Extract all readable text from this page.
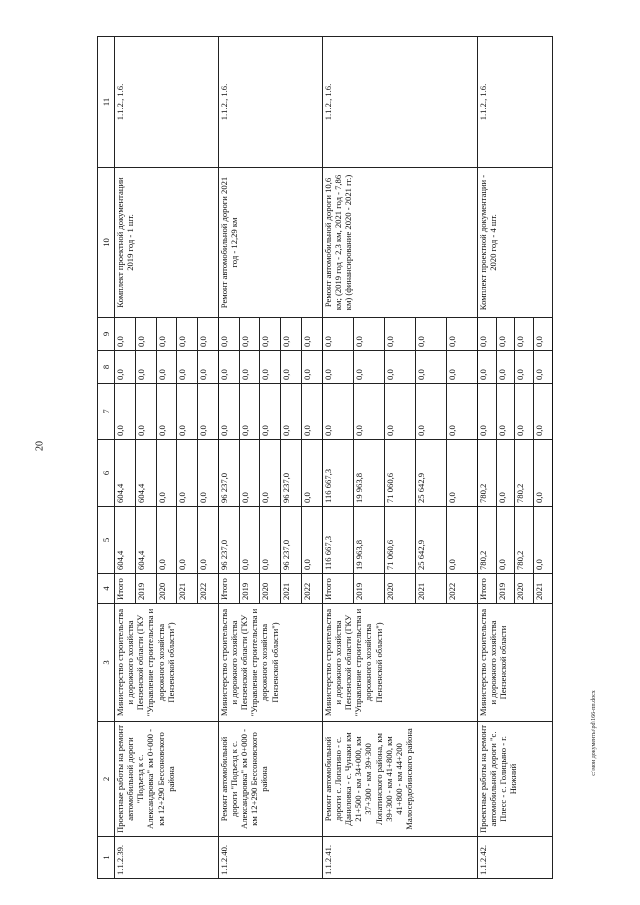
20
c:\мои документы\pd\166-пп.docx
1	2	3	4	5	6	7	8	9	10	11
1.1.2.39.	Проектные работы на ремонт автомобильной дороги "Подъезд к с. Александровка" км 0+000 - км 12+290 Бессоновского района	Министерство строительства и дорожного хозяйства Пензенской области (ГКУ "Управление строительства и дорожного хозяйства Пензенской области")	Итого	604,4	604,4	0,0	0,0	0,0	Комплект проектной документации 2019 год - 1 шт.	1.1.2., 1.6.
			2019	604,4	604,4	0,0	0,0	0,0		
			2020	0,0	0,0	0,0	0,0	0,0		
			2021	0,0	0,0	0,0	0,0	0,0		
			2022	0,0	0,0	0,0	0,0	0,0		
1.1.2.40.	Ремонт автомобильной дороги "Подъезд к с. Александровка" км 0+000 - км 12+290 Бессоновского района	Министерство строительства и дорожного хозяйства Пензенской области (ГКУ "Управление строительства и дорожного хозяйства Пензенской области")	Итого	96 237,0	96 237,0	0,0	0,0	0,0	Ремонт автомобильной дороги 2021 год - 12,29 км	1.1.2., 1.6.
			2019	0,0	0,0	0,0	0,0	0,0		
			2020	0,0	0,0	0,0	0,0	0,0		
			2021	96 237,0	96 237,0	0,0	0,0	0,0		
			2022	0,0	0,0	0,0	0,0	0,0		
1.1.2.41.	Ремонт автомобильной дороги с. Лопатино - с. Даниловка - с. Чунаки км 21+500 - км 34+000, км 37+300 - км 39+300 Лопатинского района, км 39+300 - км 41+800, км 41+800 - км 44+200 Малосердобинского района	Министерство строительства и дорожного хозяйства Пензенской области (ГКУ "Управление строительства и дорожного хозяйства Пензенской области")	Итого	116 667,3	116 667,3	0,0	0,0	0,0	Ремонт автомобильной дороги 10,6 км; (2019 год - 2,3 км, 2021 год - 7,86 км) (финансирование 2020 - 2021 гг.)	1.1.2., 1.6.
			2019	19 963,8	19 963,8	0,0	0,0	0,0		
			2020	71 060,6	71 060,6	0,0	0,0	0,0		
			2021	25 642,9	25 642,9	0,0	0,0	0,0		
			2022	0,0	0,0	0,0	0,0	0,0		
1.1.2.42.	Проектные работы на ремонт автомобильной дороги "с. Плесс - с. Голицыно - г. Нижний	Министерство строительства и дорожного хозяйства Пензенской области	Итого	780,2	780,2	0,0	0,0	0,0	Комплект проектной документации - 2020 год - 4 шт.	1.1.2., 1.6.
			2019	0,0	0,0	0,0	0,0	0,0		
			2020	780,2	780,2	0,0	0,0	0,0		
			2021	0,0	0,0	0,0	0,0	0,0		
